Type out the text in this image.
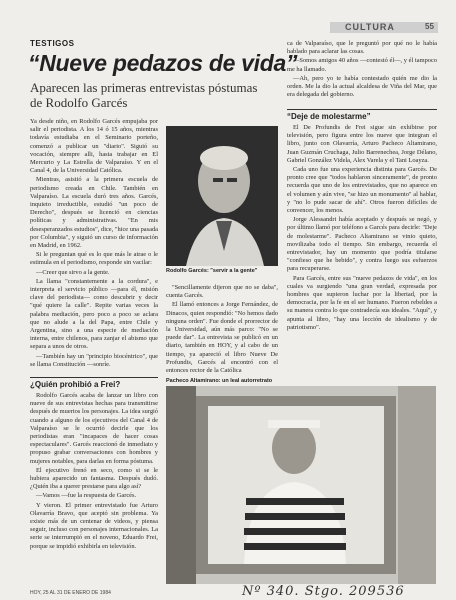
CULTURA	55
TESTIGOS
“Nueve pedazos de vida”
Aparecen las primeras entrevistas póstumas de Rodolfo Garcés

Ya desde niño, en Rodolfo Garcés empujaba por salir el periodista. A los 14 ó 15 años, mientras todavía estudiaba en el Seminario porteño, comenzó a publicar un "diario". Siguió su vocación, siempre alli, hasta trabajar en El Mercurio y La Estrella de Valparaíso. Y en el Canal 4, de la Universidad Católica.

Mientras, asistió a la primera escuela de periodismo creada en Chile. También en Valparaíso. La escuela duró tres años. Garcés, inquieto irreductible, estudió "un poco de Derecho", después se licenció en ciencias políticas y administrativas. "En mis desesperanzados estudios", dice, "hice una pasada por Columbia", y siguió un curso de información en Madrid, en 1962.

Si le preguntan qué es lo que más le atrae o le estimula en el periodismo, responde sin vacilar:

—Creer que sirvo a la gente.

La llama "constantemente a la cordura", e interpreta el servicio público —para él, misión clave del periodista— como descubrir y decir "qué quiere la calle". Repite varias veces la palabra mediación, pero poco a poco se aclara que no alude a la del Papa, entre Chile y Argentina, sino a una especie de mediación interna, entre chilenos, para zanjar el abismo que separa a unos de otros.

—También hay un "principio biocéntrico", que se llama Constitución —sonríe.

¿Quién prohibió a Frei?

Rodolfo Garcés acaba de lanzar un libro con nueve de sus entrevistas hechas para transmitirse después de muertos los personajes. La idea surgió cuando a alguno de los ejecutivos del Canal 4 de Valparaíso se le ocurrió decirle que los periodistas eran "incapaces de hacer cosas espectaculares". Garcés reaccionó de inmediato y propuso grabar conversaciones con hombres y mujeres notables, para darlas en forma póstuma.

El ejecutivo frenó en seco, como si se le hubiera aparecido un fantasma. Después dudó. ¿Quién iba a querer prestarse para algo así?

—Vamos —fue la respuesta de Garcés.

Y vieron. El primer entrevistado fue Arturo Olavarría Bravo, que aceptó sin problema. Ya existe más de un centenar de videos, y piensa seguir, incluso con personajes internacionales. La serie se interrumpió en el noveno, Eduardo Frei, porque se impidió exhibirla en televisión.

Rodolfo Garcés: "servir a la gente"

"Sencillamente dijeron que no se daba", cuenta Garcés.

El llamó entonces a Jorge Fernández, de Dinacos, quien respondió: "No hemos dado ninguna orden". Fue donde el prorrector de la Universidad, aún más parco: "No se puede dar". La entrevista se publicó en un diario, también en HOY, y al cabo de un tiempo, ya apareció el libro Nueve De Profundis, Garcés al encontró con el entonces rector de la Católica

ca de Valparaíso, que le preguntó por qué no le había hablado para aclarar las cosas.

—Somos amigos 40 años —contestó él—, y él tampoco me ha llamado.

—Ah, pero yo te había contestado quién me dio la orden. Me la dio la actual alcaldesa de Viña del Mar, que era delegada del gobierno.

“Deje de molestarme”

El De Profundis de Frei sigue sin exhibirse por televisión, pero figura entre los nueve que integran el libro, junto con Olavarría, Arturo Pacheco Altamirano, Juan Guzmán Cruchaga, Julio Barrenechea, Jorge Délano, Gabriel González Videla, Alex Varela y el Tani Loayza.

Cada uno fue una experiencia distinta para Garcés. De pronto cree que "todos hablaron sinceramente", de pronto recuerda que uno de los entrevistados, que no aparece en el volumen y aún vive, "se hizo un monumento" al hablar, y "no lo pude sacar de ahí". Otros fueron difíciles de convencer, los menos.

Jorge Alessandri había aceptado y después se negó, y por último llamó por teléfono a Garcés para decirle: "Deje de molestarme". Pacheco Altamirano se vinio quieto, movilizaba todo el tiempo. Sin embargo, recuerda el entrevistador, hay un momento que podría titularse "confieso que he bebido", y contra luego sus esfuerzos para recuperarse.

Para Garcés, entre sus "nueve pedazos de vida", en los cuales va surgiendo "una gran verdad, expresada por hombres que supieron luchar por la libertad, por la democracia, por la fe en el ser humano. Fueron rebeldes a su manera contra lo que contradecía sus ideales. "Aquí", y apunta al libro, "hay una lección de idealismo y de patriotismo".

Pacheco Altamirano: un leal autorretrato
HOY, 25 AL 31 DE ENERO DE 1984	Nº 340. Stgo. 209536
